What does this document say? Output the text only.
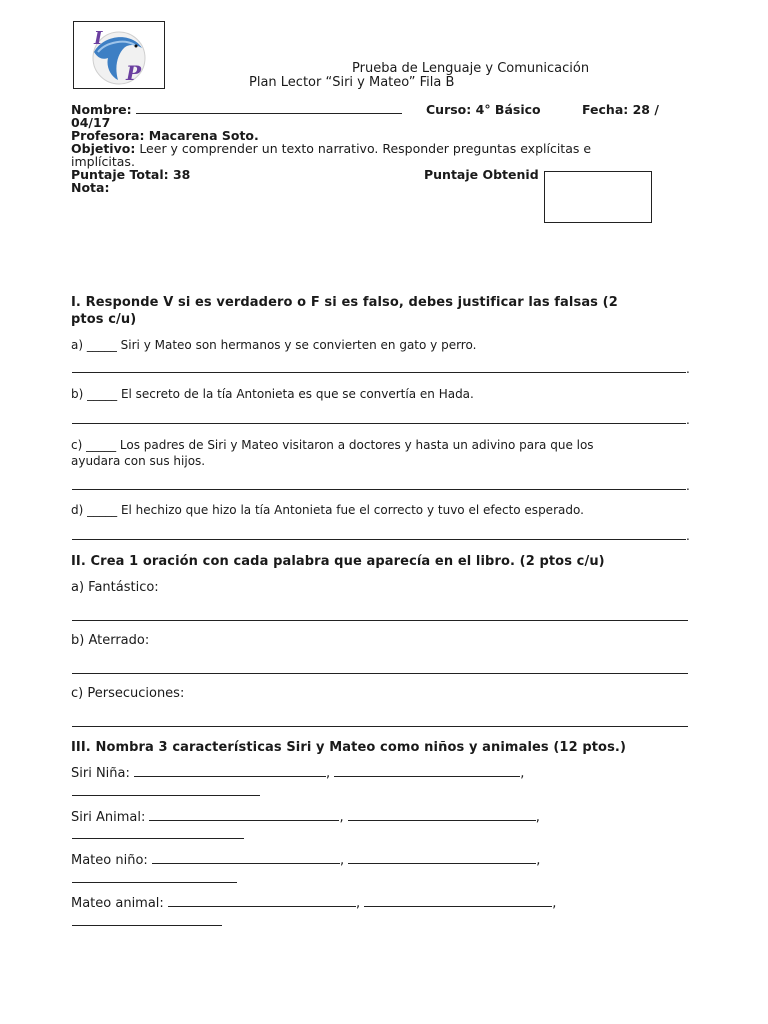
I
P	Prueba de Lenguaje y Comunicación
Plan Lector “Siri y Mateo” Fila B
Nombre:	Curso: 4° Básico	Fecha: 28 /
04/17
Profesora: Macarena Soto.
Objetivo: Leer y comprender un texto narrativo. Responder preguntas explícitas e
implícitas.
Puntaje Total: 38	Puntaje Obtenid
Nota:
I. Responde V si es verdadero o F si es falso, debes justificar las falsas (2
ptos c/u)
a) _____ Siri y Mateo son hermanos y se convierten en gato y perro.
.
b) _____ El secreto de la tía Antonieta es que se convertía en Hada.
.
c) _____ Los padres de Siri y Mateo visitaron a doctores y hasta un adivino para que los
ayudara con sus hijos.
.
d) _____ El hechizo que hizo la tía Antonieta fue el correcto y tuvo el efecto esperado.
.
II. Crea 1 oración con cada palabra que aparecía en el libro. (2 ptos c/u)
a) Fantástico:
b) Aterrado:
c) Persecuciones:
III. Nombra 3 características Siri y Mateo como niños y animales (12 ptos.)
Siri Niña:	,	,
Siri Animal:	,	,
Mateo niño:	,	,
Mateo animal:	,	,
